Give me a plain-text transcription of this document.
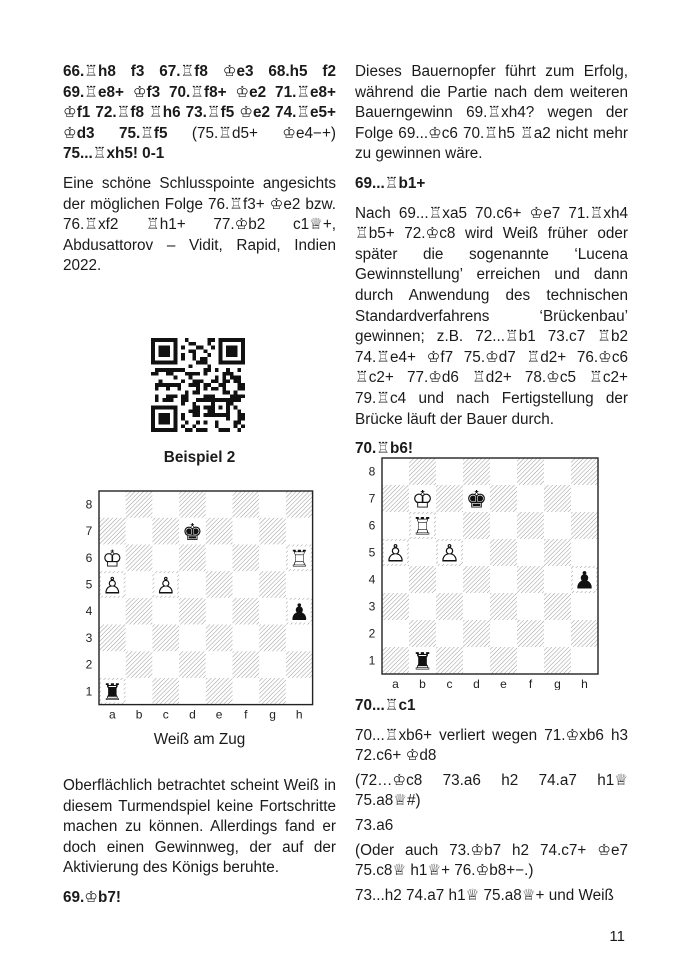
66.♖h8 f3 67.♖f8 ♔e3 68.h5 f2 69.♖e8+ ♔f3 70.♖f8+ ♔e2 71.♖e8+ ♔f1 72.♖f8 ♖h6 73.♖f5 ♔e2 74.♖e5+ ♔d3 75.♖f5 (75.♖d5+ ♔e4−+) 75...♖xh5! 0-1

Eine schöne Schlusspointe angesichts der möglichen Folge 76.♖f3+ ♔e2 bzw. 76.♖xf2 ♖h1+ 77.♔b2 c1♕+, Abdusattorov – Vidit, Rapid, Indien 2022.

Beispiel 2
1
2
3
4
5
6
7
8
a b c d e f g h
♔
♙ ♙
♖
♚
♟
♜
Weiß am Zug

Oberflächlich betrachtet scheint Weiß in diesem Turmendspiel keine Fortschritte machen zu können. Allerdings fand er doch einen Gewinnweg, der auf der Aktivierung des Königs beruhte.

69.♔b7!

Dieses Bauernopfer führt zum Erfolg, während die Partie nach dem weiteren Bauerngewinn 69.♖xh4? wegen der Folge 69...♔c6 70.♖h5 ♖a2 nicht mehr zu gewinnen wäre.

69...♖b1+

Nach 69...♖xa5 70.c6+ ♔e7 71.♖xh4 ♖b5+ 72.♔c8 wird Weiß früher oder später die sogenannte ‘Lucena Gewinnstellung’ erreichen und dann durch Anwendung des technischen Standardverfahrens ‘Brückenbau’ gewinnen; z.B. 72...♖b1 73.c7 ♖b2 74.♖e4+ ♔f7 75.♔d7 ♖d2+ 76.♔c6 ♖c2+ 77.♔d6 ♖d2+ 78.♔c5 ♖c2+ 79.♖c4 und nach Fertigstellung der Brücke läuft der Bauer durch.

70.♖b6!

1
2
3
4
5
6
7
8
a b c d e f g h
♔
♖
♙ ♙
♚
♟
♜

70...♖c1

70...♖xb6+ verliert wegen 71.♔xb6 h3 72.c6+ ♔d8

(72…♔c8 73.a6 h2 74.a7 h1♕ 75.a8♕#)

73.a6

(Oder auch 73.♔b7 h2 74.c7+ ♔e7 75.c8♕ h1♕+ 76.♔b8+−.)

73...h2 74.a7 h1♕ 75.a8♕+ und Weiß

11
